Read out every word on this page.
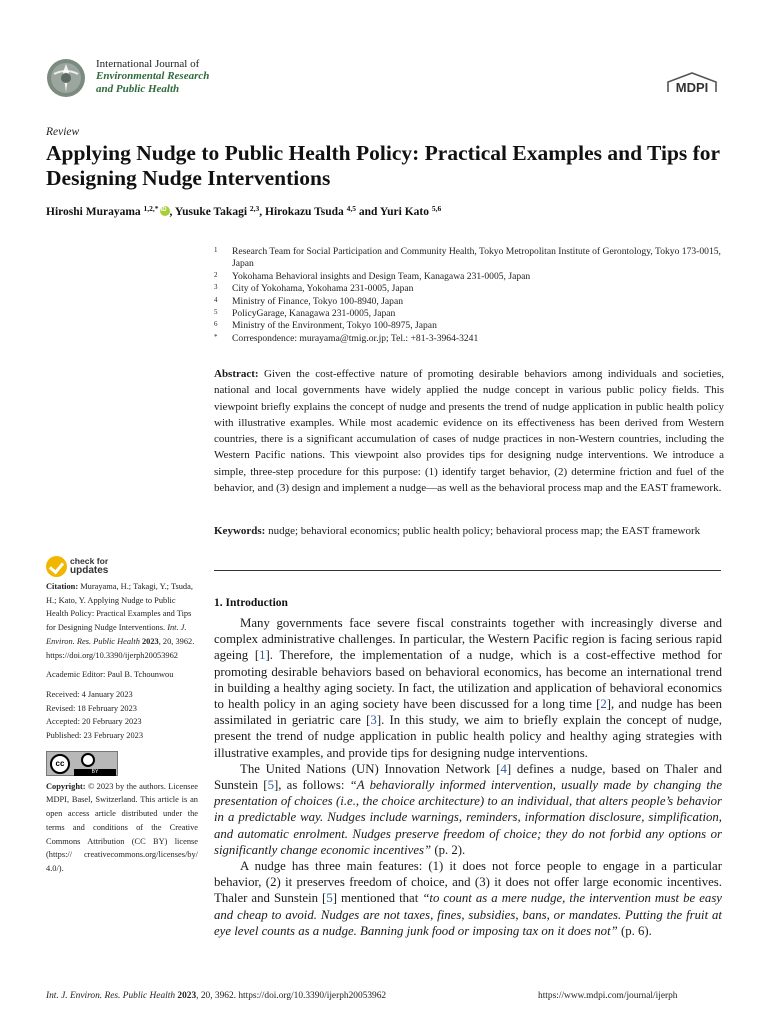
International Journal of
Environmental Research
and Public Health	MDPI
Review
Applying Nudge to Public Health Policy: Practical Examples and Tips for Designing Nudge Interventions
Hiroshi Murayama $^{1,2,*}$iD , Yusuke Takagi $^{2,3}$, Hirokazu Tsuda $^{4,5}$ and Yuri Kato $^{5,6}$
1 Research Team for Social Participation and Community Health, Tokyo Metropolitan Institute of Gerontology, Tokyo 173-0015, Japan
2 Yokohama Behavioral insights and Design Team, Kanagawa 231-0005, Japan
3 City of Yokohama, Yokohama 231-0005, Japan
4 Ministry of Finance, Tokyo 100-8940, Japan
5 PolicyGarage, Kanagawa 231-0005, Japan
6 Ministry of the Environment, Tokyo 100-8975, Japan
* Correspondence: murayama@tmig.or.jp; Tel.: +81-3-3964-3241
Abstract: Given the cost-effective nature of promoting desirable behaviors among individuals and societies, national and local governments have widely applied the nudge concept in various public policy fields. This viewpoint briefly explains the concept of nudge and presents the trend of nudge application in public health policy with illustrative examples. While most academic evidence on its effectiveness has been derived from Western countries, there is a significant accumulation of cases of nudge practices in non-Western countries, including the Western Pacific nations. This viewpoint also provides tips for designing nudge interventions. We introduce a simple, three-step procedure for this purpose: (1) identify target behavior, (2) determine friction and fuel of the behavior, and (3) design and implement a nudge—as well as the behavioral process map and the EAST framework.
Keywords: nudge; behavioral economics; public health policy; behavioral process map; the EAST framework
check for
updates

Citation: Murayama, H.; Takagi, Y.; Tsuda, H.; Kato, Y. Applying Nudge to Public Health Policy: Practical Examples and Tips for Designing Nudge Interventions. Int. J. Environ. Res. Public Health 2023, 20, 3962. https://doi.org/10.3390/ijerph20053962

Academic Editor: Paul B. Tchounwou

Received: 4 January 2023

Revised: 18 February 2023

Accepted: 20 February 2023

Published: 23 February 2023

cc
BY

Copyright: © 2023 by the authors. Licensee MDPI, Basel, Switzerland. This article is an open access article distributed under the terms and conditions of the Creative Commons Attribution (CC BY) license (https:// creativecommons.org/licenses/by/ 4.0/).

1. Introduction

Many governments face severe fiscal constraints together with increasingly diverse and complex administrative challenges. In particular, the Western Pacific region is facing serious rapid ageing [1]. Therefore, the implementation of a nudge, which is a cost-effective method for promoting desirable behaviors based on behavioral economics, has become an international trend in building a healthy aging society. In fact, the utilization and application of behavioral economics to health policy in an aging society have been discussed for a long time [2], and nudge has been assimilated in geriatric care [3]. In this study, we aim to briefly explain the concept of nudge, present the trend of nudge application in public health policy and healthy aging strategies with illustrative examples, and provide tips for designing nudge interventions.

The United Nations (UN) Innovation Network [4] defines a nudge, based on Thaler and Sunstein [5], as follows: “A behaviorally informed intervention, usually made by changing the presentation of choices (i.e., the choice architecture) to an individual, that alters people’s behavior in a predictable way. Nudges include warnings, reminders, information disclosure, simplification, and automatic enrolment. Nudges preserve freedom of choice; they do not forbid any options or significantly change economic incentives” (p. 2).

A nudge has three main features: (1) it does not force people to engage in a particular behavior, (2) it preserves freedom of choice, and (3) it does not offer large economic incentives. Thaler and Sunstein [5] mentioned that “to count as a mere nudge, the intervention must be easy and cheap to avoid. Nudges are not taxes, fines, subsidies, bans, or mandates. Putting the fruit at eye level counts as a nudge. Banning junk food or imposing tax on it does not” (p. 6).

Int. J. Environ. Res. Public Health 2023, 20, 3962. https://doi.org/10.3390/ijerph20053962	https://www.mdpi.com/journal/ijerph
